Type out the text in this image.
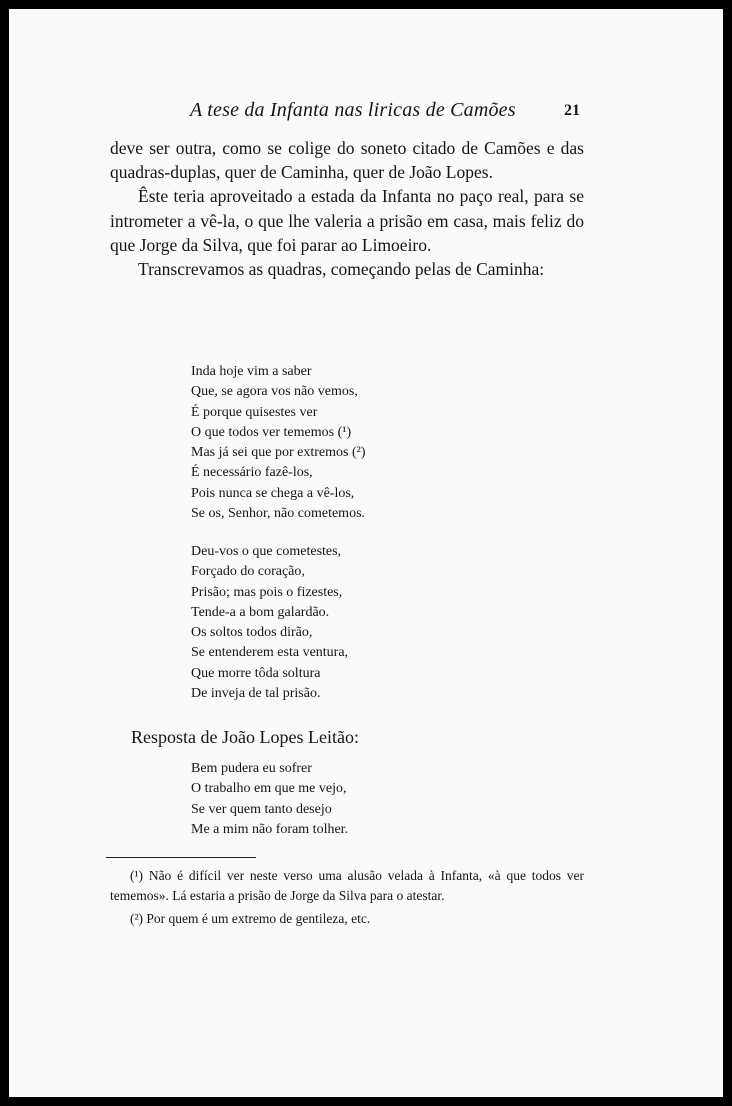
A tese da Infanta nas liricas de Camões	21

deve ser outra, como se colige do soneto citado de Camões e das quadras-duplas, quer de Caminha, quer de João Lopes.

Êste teria aproveitado a estada da Infanta no paço real, para se intrometer a vê-la, o que lhe valeria a prisão em casa, mais feliz do que Jorge da Silva, que foi parar ao Limoeiro.

Transcrevamos as quadras, começando pelas de Caminha:

Inda hoje vim a saber
Que, se agora vos não vemos,
É porque quisestes ver
O que todos ver tememos (¹)
Mas já sei que por extremos (²)
É necessário fazê-los,
Pois nunca se chega a vê-los,
Se os, Senhor, não cometemos.
Deu-vos o que cometestes,
Forçado do coração,
Prisão; mas pois o fizestes,
Tende-a a bom galardão.
Os soltos todos dirão,
Se entenderem esta ventura,
Que morre tôda soltura
De inveja de tal prisão.
Resposta de João Lopes Leitão:
Bem pudera eu sofrer
O trabalho em que me vejo,
Se ver quem tanto desejo
Me a mim não foram tolher.

(¹) Não é difícil ver neste verso uma alusão velada à Infanta, «à que todos ver tememos». Lá estaria a prisão de Jorge da Silva para o atestar.

(²) Por quem é um extremo de gentileza, etc.
